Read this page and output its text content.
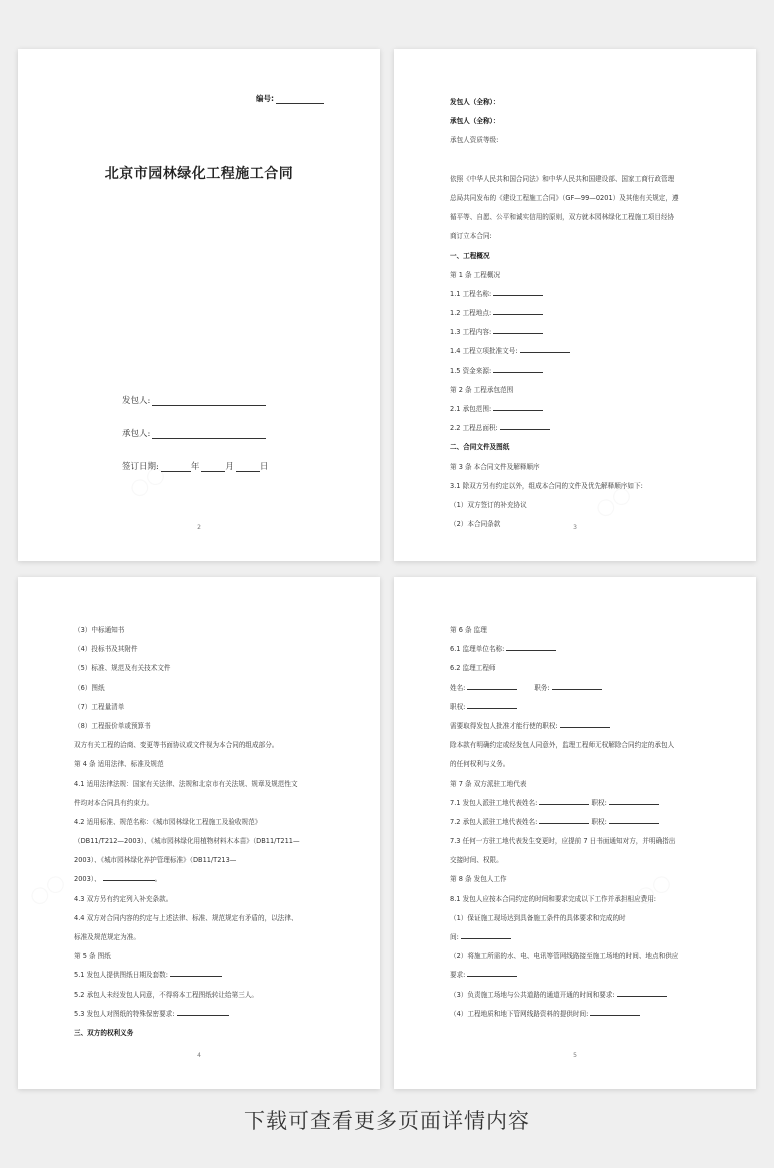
编号:
北京市园林绿化工程施工合同
发包人:
承包人:
签订日期:	年	月	日
2
发包人（全称）：
承包人（全称）：
承包人资质等级:
依照《中华人民共和国合同法》和中华人民共和国建设部、国家工商行政管理
总局共同发布的《建设工程施工合同》（GF—99—0201）及其他有关规定，遵
循平等、自愿、公平和诚实信用的原则，双方就本园林绿化工程施工项目经协
商订立本合同:
一、工程概况
第 1 条 工程概况
1.1 工程名称:
1.2 工程地点:
1.3 工程内容:
1.4 工程立项批准文号:
1.5 资金来源:
第 2 条 工程承包范围
2.1 承包范围:
2.2 工程总面积:
二、合同文件及图纸
第 3 条 本合同文件及解释顺序
3.1 除双方另有约定以外，组成本合同的文件及优先解释顺序如下:
（1）双方签订的补充协议
（2）本合同条款	3
（3）中标通知书
（4）投标书及其附件
（5）标准、规范及有关技术文件
（6）图纸
（7）工程量清单
（8）工程报价单或预算书
双方有关工程的洽商、变更等书面协议或文件视为本合同的组成部分。
第 4 条 适用法律、标准及规范
4.1 适用法律法规：国家有关法律、法规和北京市有关法规、规章及规范性文
件均对本合同具有约束力。
4.2 适用标准、规范名称：《城市园林绿化工程施工及验收规范》
（DB11/T212—2003）、《城市园林绿化用植物材料木本苗》（DB11/T211—
2003）、《城市园林绿化养护管理标准》（DB11/T213—
2003）、	。
4.3 双方另有约定列入补充条款。
4.4 双方对合同内容的约定与上述法律、标准、规范规定有矛盾的，以法律、
标准及规范规定为准。
第 5 条 图纸
5.1 发包人提供图纸日期及套数:
5.2 承包人未经发包人同意，不得将本工程图纸转让给第三人。
5.3 发包人对图纸的特殊保密要求:
三、双方的权利义务
4
第 6 条 监理
6.1 监理单位名称:
6.2 监理工程师
姓名:	职务:
职权:
需要取得发包人批准才能行使的职权:
除本款有明确约定或经发包人同意外，监理工程师无权解除合同约定的承包人
的任何权利与义务。
第 7 条 双方派驻工地代表
7.1 发包人派驻工地代表姓名:	职权:
7.2 承包人派驻工地代表姓名:	职权:
7.3 任何一方驻工地代表发生变更时，应提前 7 日书面通知对方，并明确指出
交接时间、权限。
第 8 条 发包人工作
8.1 发包人应按本合同约定的时间和要求完成以下工作并承担相应费用:
（1）保证施工现场达到具备施工条件的具体要求和完成的时
间:
（2）将施工所需的水、电、电讯等管网线路接至施工场地的时间、地点和供应
要求:
（3）负责施工场地与公共道路的通道开通的时间和要求:
（4）工程地质和地下管网线路资料的提供时间:
5
下载可查看更多页面详情内容
